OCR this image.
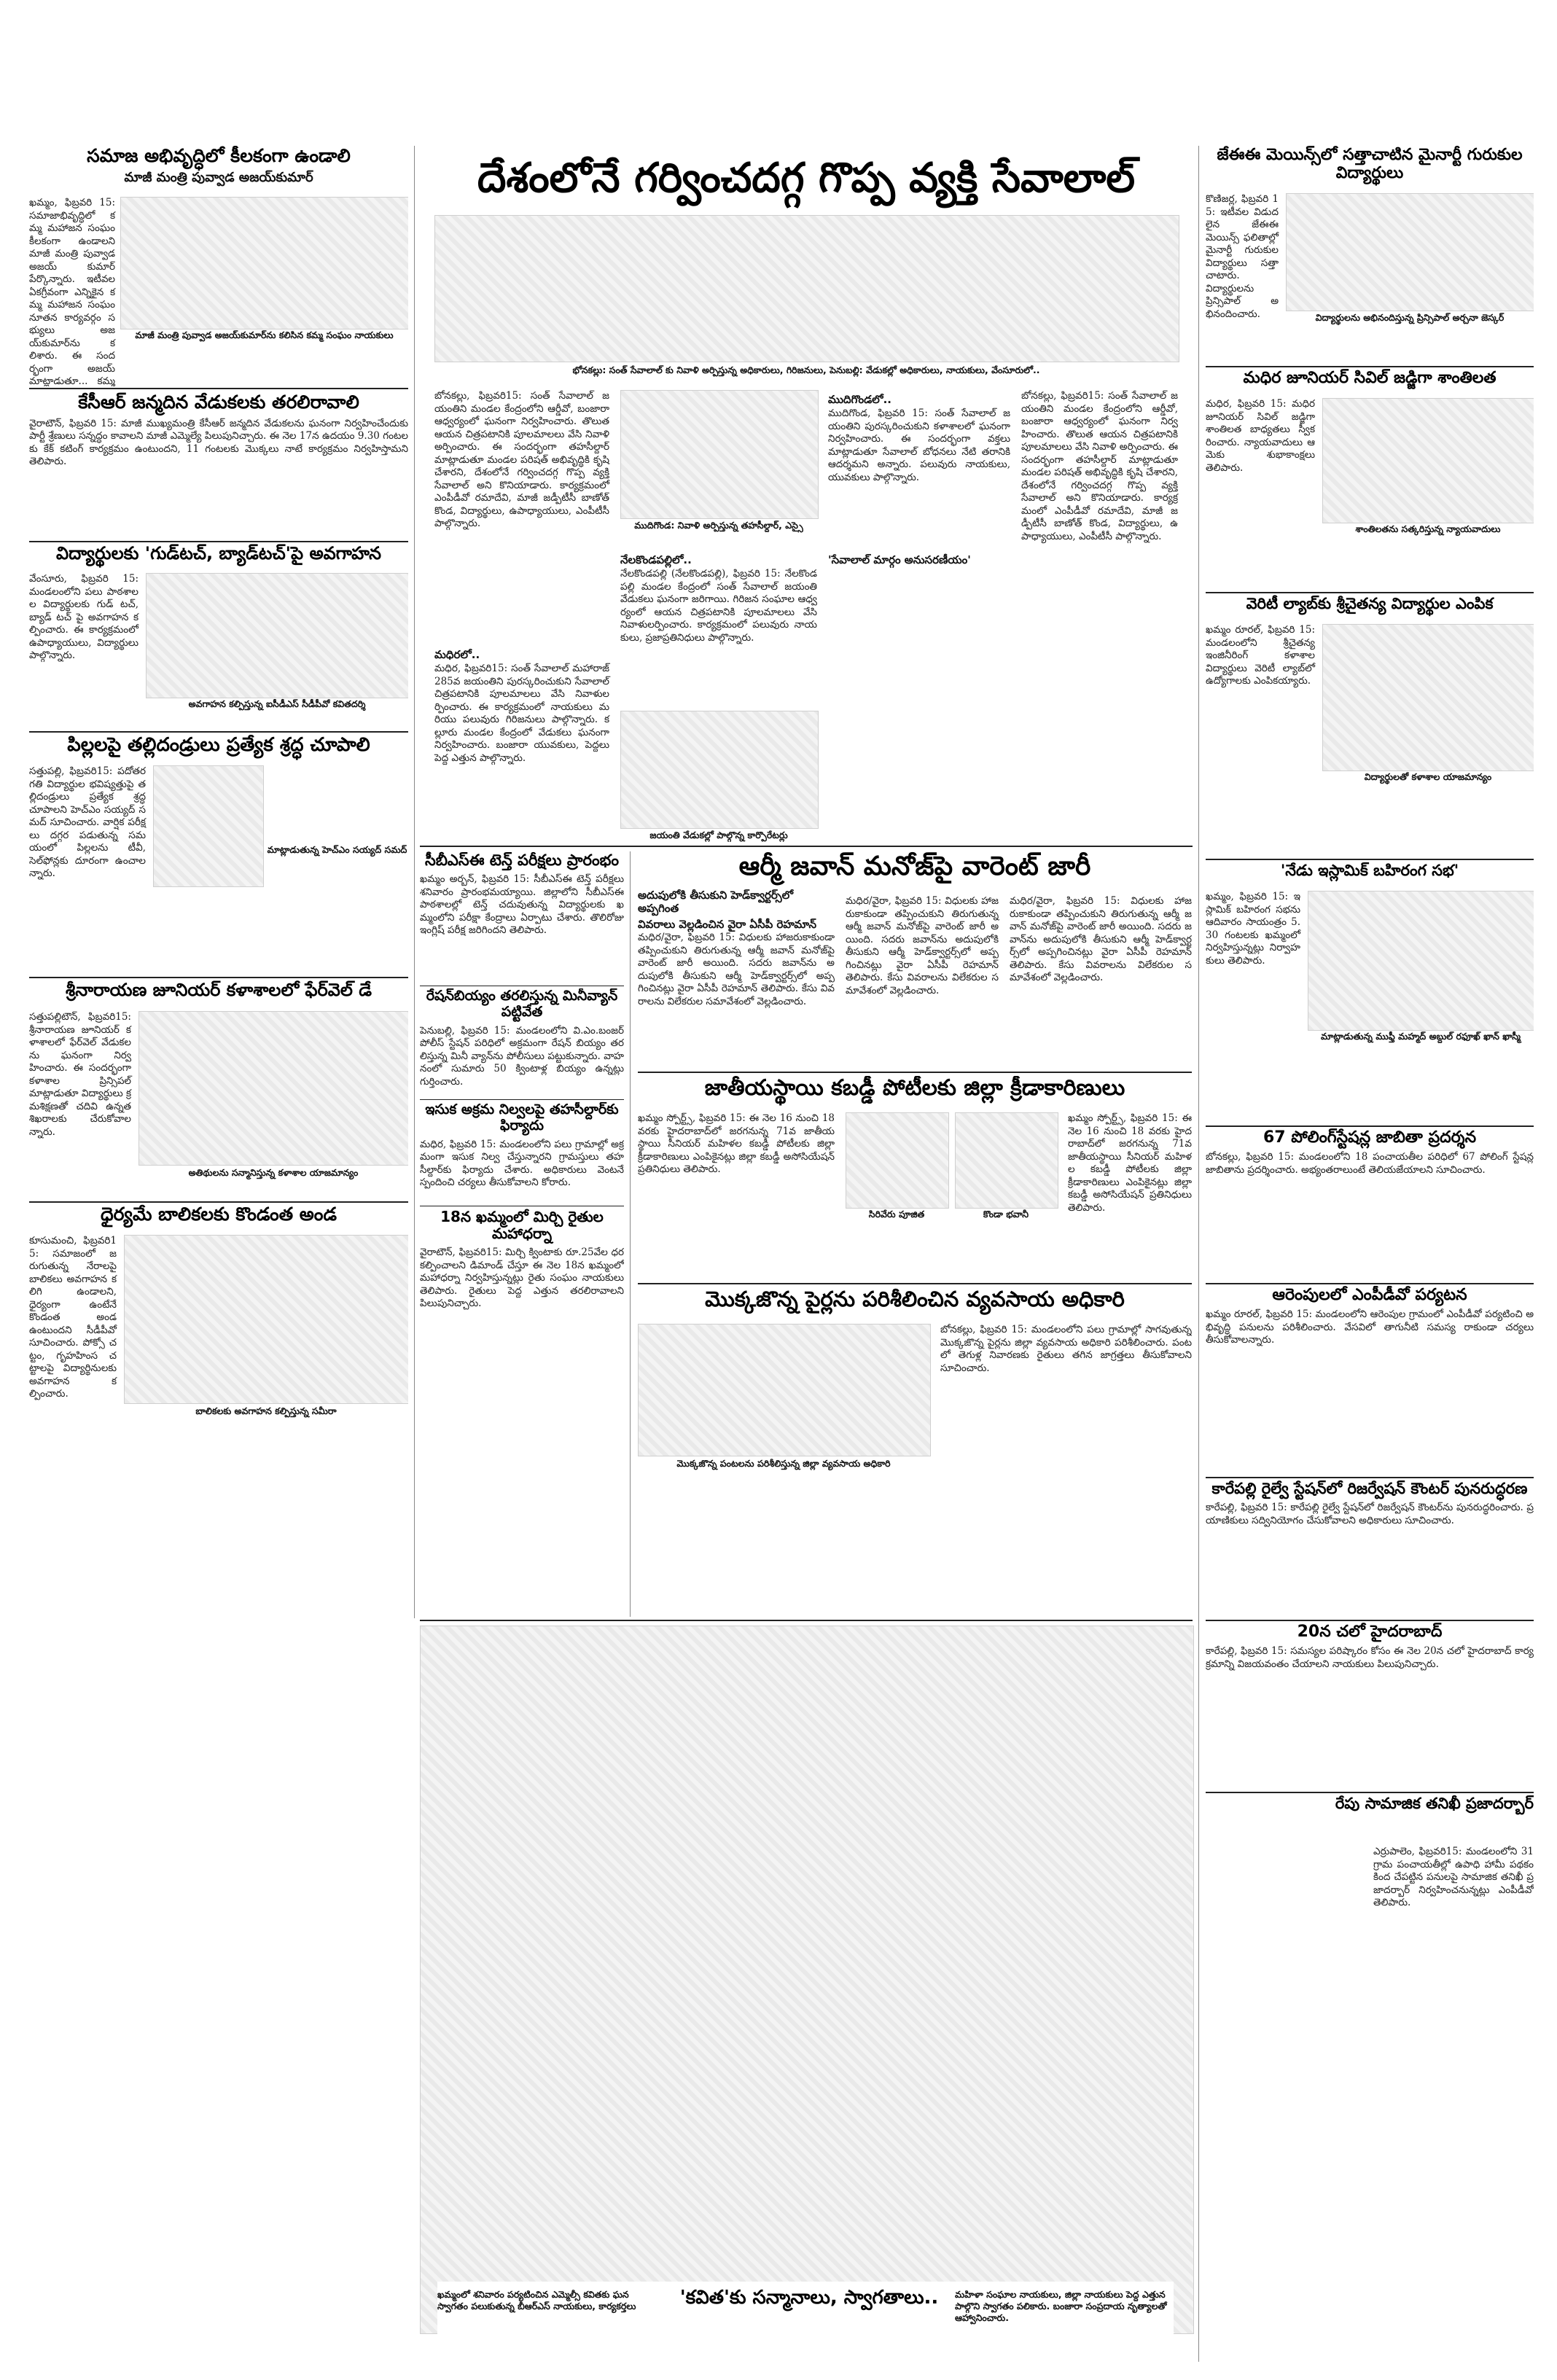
సమాజ అభివృద్ధిలో కీలకంగా ఉండాలి
మాజీ మంత్రి పువ్వాడ అజయ్‌కుమార్
మాజీ మంత్రి పువ్వాడ అజయ్‌కుమార్‌ను కలిసిన కమ్మ సంఘం నాయకులు

ఖమ్మం, ఫిబ్రవరి 15: సమాజాభివృద్ధిలో కమ్మ మహాజన సంఘం కీలకంగా ఉండాలని మాజీ మంత్రి పువ్వాడ అజయ్ కుమార్ పేర్కొన్నారు. ఇటీవల ఏకగ్రీవంగా ఎన్నికైన కమ్మ మహాజన సంఘం నూతన కార్యవర్గం సభ్యులు అజయ్‌కుమార్‌ను కలిశారు. ఈ సందర్భంగా అజయ్ మాట్లాడుతూ... కమ్మ

కేసీఆర్ జన్మదిన వేడుకలకు తరలిరావాలి

వైరాటౌన్, ఫిబ్రవరి 15: మాజీ ముఖ్యమంత్రి కేసీఆర్ జన్మదిన వేడుకలను ఘనంగా నిర్వహించేందుకు పార్టీ శ్రేణులు సన్నద్ధం కావాలని మాజీ ఎమ్మెల్యే పిలుపునిచ్చారు. ఈ నెల 17న ఉదయం 9.30 గంటలకు కేక్ కటింగ్ కార్యక్రమం ఉంటుందని, 11 గంటలకు మొక్కలు నాటే కార్యక్రమం నిర్వహిస్తామని తెలిపారు.

విద్యార్థులకు 'గుడ్‌టచ్, బ్యాడ్‌టచ్'పై అవగాహన

వేంసూరు, ఫిబ్రవరి 15: మండలంలోని పలు పాఠశాలల విద్యార్థులకు గుడ్ టచ్, బ్యాడ్ టచ్ పై అవగాహన కల్పించారు. ఈ కార్యక్రమంలో ఉపాధ్యాయులు, విద్యార్థులు పాల్గొన్నారు.

అవగాహన కల్పిస్తున్న ఐసీడీఎస్ సీడీపీవో కవితదర్శి
పిల్లలపై తల్లిదండ్రులు ప్రత్యేక శ్రద్ధ చూపాలి

సత్తుపల్లి, ఫిబ్రవరి15: పదోతరగతి విద్యార్థుల భవిష్యత్తుపై తల్లిదండ్రులు ప్రత్యేక శ్రద్ధ చూపాలని హెచ్‌ఎం సయ్యద్ సమద్ సూచించారు. వార్షిక పరీక్షలు దగ్గర పడుతున్న సమయంలో పిల్లలను టీవీ, సెల్‌ఫోన్లకు దూరంగా ఉంచాలన్నారు.

మాట్లాడుతున్న హెచ్‌ఎం సయ్యద్ సమద్
శ్రీనారాయణ జూనియర్ కళాశాలలో ఫేర్‌వెల్ డే

సత్తుపల్లిటౌన్, ఫిబ్రవరి15: శ్రీనారాయణ జూనియర్ కళాశాలలో ఫేర్‌వెల్ వేడుకలను ఘనంగా నిర్వహించారు. ఈ సందర్భంగా కళాశాల ప్రిన్సిపల్ మాట్లాడుతూ విద్యార్థులు క్రమశిక్షణతో చదివి ఉన్నత శిఖరాలకు చేరుకోవాలన్నారు.

అతిథులను సన్మానిస్తున్న కళాశాల యాజమాన్యం
ధైర్యమే బాలికలకు కొండంత అండ

కూసుమంచి, ఫిబ్రవరి15: సమాజంలో జరుగుతున్న నేరాలపై బాలికలు అవగాహన కలిగి ఉండాలని, ధైర్యంగా ఉంటేనే కొండంత అండ ఉంటుందని సీడీపీవో సూచించారు. పోక్సో చట్టం, గృహహింస చట్టాలపై విద్యార్థినులకు అవగాహన కల్పించారు.

బాలికలకు అవగాహన కల్పిస్తున్న సమీరా
దేశంలోనే గర్వించదగ్గ గొప్ప వ్యక్తి సేవాలాల్
భోనకల్లు: సంత్ సేవాలాల్ కు నివాళి అర్పిస్తున్న అధికారులు, గిరిజనులు, పెనుబల్లి: వేడుకల్లో అధికారులు, నాయకులు, వేంసూరులో..

బోనకల్లు, ఫిబ్రవరి15: సంత్ సేవాలాల్ జయంతిని మండల కేంద్రంలోని ఆర్డీవో, బంజారా ఆధ్వర్యంలో ఘనంగా నిర్వహించారు. తొలుత ఆయన చిత్రపటానికి పూలమాలలు వేసి నివాళి అర్పించారు. ఈ సందర్భంగా తహసీల్దార్ మాట్లాడుతూ మండల పరిషత్ అభివృద్ధికి కృషి చేశారని, దేశంలోనే గర్వించదగ్గ గొప్ప వ్యక్తి సేవాలాల్ అని కొనియాడారు. కార్యక్రమంలో ఎంపీడీవో రమాదేవి, మాజీ జడ్పీటీసీ బాణోత్ కొండ, విద్యార్థులు, ఉపాధ్యాయులు, ఎంపీటీసీ పాల్గొన్నారు.

మధిరలో..

మధిర, ఫిబ్రవరి15: సంత్ సేవాలాల్ మహారాజ్ 285వ జయంతిని పురస్కరించుకుని సేవాలాల్ చిత్రపటానికి పూలమాలలు వేసి నివాళులర్పించారు. ఈ కార్యక్రమంలో నాయకులు మరియు పలువురు గిరిజనులు పాల్గొన్నారు. కల్లూరు మండల కేంద్రంలో వేడుకలు ఘనంగా నిర్వహించారు. బంజారా యువకులు, పెద్దలు పెద్ద ఎత్తున పాల్గొన్నారు.

ముదిగొండ: నివాళి అర్పిస్తున్న తహసీల్దార్, ఎస్సై
నేలకొండపల్లిలో..

నేలకొండపల్లి (నేలకొండపల్లి), ఫిబ్రవరి 15: నేలకొండపల్లి మండల కేంద్రంలో సంత్ సేవాలాల్ జయంతి వేడుకలు ఘనంగా జరిగాయి. గిరిజన సంఘాల ఆధ్వర్యంలో ఆయన చిత్రపటానికి పూలమాలలు వేసి నివాళులర్పించారు. కార్యక్రమంలో పలువురు నాయకులు, ప్రజాప్రతినిధులు పాల్గొన్నారు.

జయంతి వేడుకల్లో పాల్గొన్న కార్పొరేటర్లు
ముదిగొండలో..

ముదిగొండ, ఫిబ్రవరి 15: సంత్ సేవాలాల్ జయంతిని పురస్కరించుకుని కళాశాలలో ఘనంగా నిర్వహించారు. ఈ సందర్భంగా వక్తలు మాట్లాడుతూ సేవాలాల్ బోధనలు నేటి తరానికి ఆదర్శమని అన్నారు. పలువురు నాయకులు, యువకులు పాల్గొన్నారు.

'సేవాలాల్ మార్గం అనుసరణీయం'

బోనకల్లు, ఫిబ్రవరి15: సంత్ సేవాలాల్ జయంతిని మండల కేంద్రంలోని ఆర్డీవో, బంజారా ఆధ్వర్యంలో ఘనంగా నిర్వహించారు. తొలుత ఆయన చిత్రపటానికి పూలమాలలు వేసి నివాళి అర్పించారు. ఈ సందర్భంగా తహసీల్దార్ మాట్లాడుతూ మండల పరిషత్ అభివృద్ధికి కృషి చేశారని, దేశంలోనే గర్వించదగ్గ గొప్ప వ్యక్తి సేవాలాల్ అని కొనియాడారు. కార్యక్రమంలో ఎంపీడీవో రమాదేవి, మాజీ జడ్పీటీసీ బాణోత్ కొండ, విద్యార్థులు, ఉపాధ్యాయులు, ఎంపీటీసీ పాల్గొన్నారు.

సీబీఎస్ఈ టెన్త్ పరీక్షలు ప్రారంభం

ఖమ్మం అర్బన్, ఫిబ్రవరి 15: సీబీఎస్ఈ టెన్త్ పరీక్షలు శనివారం ప్రారంభమయ్యాయి. జిల్లాలోని సీబీఎస్ఈ పాఠశాలల్లో టెన్త్ చదువుతున్న విద్యార్థులకు ఖమ్మంలోని పరీక్షా కేంద్రాలు ఏర్పాటు చేశారు. తొలిరోజు ఇంగ్లిష్ పరీక్ష జరిగిందని తెలిపారు.

రేషన్‌బియ్యం తరలిస్తున్న మినీవ్యాన్ పట్టివేత

పెనుబల్లి, ఫిబ్రవరి 15: మండలంలోని వి.ఎం.బంజర్ పోలీస్ స్టేషన్ పరిధిలో అక్రమంగా రేషన్ బియ్యం తరలిస్తున్న మినీ వ్యాన్‌ను పోలీసులు పట్టుకున్నారు. వాహనంలో సుమారు 50 క్వింటాళ్ల బియ్యం ఉన్నట్లు గుర్తించారు.

ఇసుక అక్రమ నిల్వలపై తహసీల్దార్‌కు ఫిర్యాదు

మధిర, ఫిబ్రవరి 15: మండలంలోని పలు గ్రామాల్లో అక్రమంగా ఇసుక నిల్వ చేస్తున్నారని గ్రామస్తులు తహసీల్దార్‌కు ఫిర్యాదు చేశారు. అధికారులు వెంటనే స్పందించి చర్యలు తీసుకోవాలని కోరారు.

18న ఖమ్మంలో మిర్చి రైతుల మహాధర్నా

వైరాటౌన్, ఫిబ్రవరి15: మిర్చి క్వింటాకు రూ.25వేల ధర కల్పించాలని డిమాండ్ చేస్తూ ఈ నెల 18న ఖమ్మంలో మహాధర్నా నిర్వహిస్తున్నట్లు రైతు సంఘం నాయకులు తెలిపారు. రైతులు పెద్ద ఎత్తున తరలిరావాలని పిలుపునిచ్చారు.

ఆర్మీ జవాన్ మనోజ్‌పై వారెంట్ జారీ
అదుపులోకి తీసుకుని హెడ్‌క్వార్టర్స్‌లో అప్పగింత
వివరాలు వెల్లడించిన వైరా ఏసీపీ రెహమాన్

మధిర/వైరా, ఫిబ్రవరి 15: విధులకు హాజరుకాకుండా తప్పించుకుని తిరుగుతున్న ఆర్మీ జవాన్ మనోజ్‌పై వారెంట్ జారీ అయింది. సదరు జవాన్‌ను అదుపులోకి తీసుకుని ఆర్మీ హెడ్‌క్వార్టర్స్‌లో అప్పగించినట్లు వైరా ఏసీపీ రెహమాన్ తెలిపారు. కేసు వివరాలను విలేకరుల సమావేశంలో వెల్లడించారు.

మధిర/వైరా, ఫిబ్రవరి 15: విధులకు హాజరుకాకుండా తప్పించుకుని తిరుగుతున్న ఆర్మీ జవాన్ మనోజ్‌పై వారెంట్ జారీ అయింది. సదరు జవాన్‌ను అదుపులోకి తీసుకుని ఆర్మీ హెడ్‌క్వార్టర్స్‌లో అప్పగించినట్లు వైరా ఏసీపీ రెహమాన్ తెలిపారు. కేసు వివరాలను విలేకరుల సమావేశంలో వెల్లడించారు.

మధిర/వైరా, ఫిబ్రవరి 15: విధులకు హాజరుకాకుండా తప్పించుకుని తిరుగుతున్న ఆర్మీ జవాన్ మనోజ్‌పై వారెంట్ జారీ అయింది. సదరు జవాన్‌ను అదుపులోకి తీసుకుని ఆర్మీ హెడ్‌క్వార్టర్స్‌లో అప్పగించినట్లు వైరా ఏసీపీ రెహమాన్ తెలిపారు. కేసు వివరాలను విలేకరుల సమావేశంలో వెల్లడించారు.

జాతీయస్థాయి కబడ్డీ పోటీలకు జిల్లా క్రీడాకారిణులు

ఖమ్మం స్పోర్ట్స్, ఫిబ్రవరి 15: ఈ నెల 16 నుంచి 18 వరకు హైదరాబాద్‌లో జరగనున్న 71వ జాతీయస్థాయి సీనియర్ మహిళల కబడ్డీ పోటీలకు జిల్లా క్రీడాకారిణులు ఎంపికైనట్లు జిల్లా కబడ్డీ అసోసియేషన్ ప్రతినిధులు తెలిపారు.

సిరివేరు పూజిత	కొండా భవానీ

ఖమ్మం స్పోర్ట్స్, ఫిబ్రవరి 15: ఈ నెల 16 నుంచి 18 వరకు హైదరాబాద్‌లో జరగనున్న 71వ జాతీయస్థాయి సీనియర్ మహిళల కబడ్డీ పోటీలకు జిల్లా క్రీడాకారిణులు ఎంపికైనట్లు జిల్లా కబడ్డీ అసోసియేషన్ ప్రతినిధులు తెలిపారు.

మొక్కజొన్న పైర్లను పరిశీలించిన వ్యవసాయ అధికారి
మొక్కజొన్న పంటలను పరిశీలిస్తున్న జిల్లా వ్యవసాయ అధికారి

బోనకల్లు, ఫిబ్రవరి 15: మండలంలోని పలు గ్రామాల్లో సాగవుతున్న మొక్కజొన్న పైర్లను జిల్లా వ్యవసాయ అధికారి పరిశీలించారు. పంటలో తెగుళ్ల నివారణకు రైతులు తగిన జాగ్రత్తలు తీసుకోవాలని సూచించారు.

ఖమ్మంలో శనివారం పర్యటించిన ఎమ్మెల్సీ కవితకు ఘన స్వాగతం పలుకుతున్న బీఆర్ఎస్ నాయకులు, కార్యకర్తలు	'కవిత'కు సన్మానాలు, స్వాగతాలు..	మహిళా సంఘాల నాయకులు, జిల్లా నాయకులు పెద్ద ఎత్తున పాల్గొని స్వాగతం పలికారు. బంజారా సంప్రదాయ నృత్యాలతో ఆహ్వానించారు.
జేఈఈ మెయిన్స్‌లో సత్తాచాటిన మైనార్టీ గురుకుల విద్యార్థులు

కొణిజర్ల, ఫిబ్రవరి 15: ఇటీవల విడుదలైన జేఈఈ మెయిన్స్ ఫలితాల్లో మైనార్టీ గురుకుల విద్యార్థులు సత్తా చాటారు. విద్యార్థులను ప్రిన్సిపాల్ అభినందించారు.	విద్యార్థులను అభినందిస్తున్న ప్రిన్సిపాల్ అర్చనా జెస్కర్
మధిర జూనియర్ సివిల్ జడ్జిగా శాంతిలత

మధిర, ఫిబ్రవరి 15: మధిర జూనియర్ సివిల్ జడ్జిగా శాంతిలత బాధ్యతలు స్వీకరించారు. న్యాయవాదులు ఆమెకు శుభాకాంక్షలు తెలిపారు.

శాంతిలతను సత్కరిస్తున్న న్యాయవాదులు
వెరిటీ ల్యాబ్‌కు శ్రీచైతన్య విద్యార్థుల ఎంపిక

ఖమ్మం రూరల్, ఫిబ్రవరి 15: మండలంలోని శ్రీచైతన్య ఇంజినీరింగ్ కళాశాల విద్యార్థులు వెరిటీ ల్యాబ్‌లో ఉద్యోగాలకు ఎంపికయ్యారు.

విద్యార్థులతో కళాశాల యాజమాన్యం
'నేడు ఇస్లామిక్ బహిరంగ సభ'

ఖమ్మం, ఫిబ్రవరి 15: ఇస్లామిక్ బహిరంగ సభను ఆదివారం సాయంత్రం 5.30 గంటలకు ఖమ్మంలో నిర్వహిస్తున్నట్లు నిర్వాహకులు తెలిపారు.

మాట్లాడుతున్న ముఫ్తీ మహ్మద్ అబ్దుల్ రఫూఖ్ ఖాన్ ఖాస్మీ
67 పోలింగ్‌స్టేషన్ల జాబితా ప్రదర్శన

బోనకల్లు, ఫిబ్రవరి 15: మండలంలోని 18 పంచాయతీల పరిధిలో 67 పోలింగ్ స్టేషన్ల జాబితాను ప్రదర్శించారు. అభ్యంతరాలుంటే తెలియజేయాలని సూచించారు.

ఆరెంపులలో ఎంపీడీవో పర్యటన

ఖమ్మం రూరల్, ఫిబ్రవరి 15: మండలంలోని ఆరెంపుల గ్రామంలో ఎంపీడీవో పర్యటించి అభివృద్ధి పనులను పరిశీలించారు. వేసవిలో తాగునీటి సమస్య రాకుండా చర్యలు తీసుకోవాలన్నారు.

కారేపల్లి రైల్వే స్టేషన్‌లో రిజర్వేషన్ కౌంటర్ పునరుద్ధరణ

కారేపల్లి, ఫిబ్రవరి 15: కారేపల్లి రైల్వే స్టేషన్‌లో రిజర్వేషన్ కౌంటర్‌ను పునరుద్ధరించారు. ప్రయాణికులు సద్వినియోగం చేసుకోవాలని అధికారులు సూచించారు.

20న చలో హైదరాబాద్

కారేపల్లి, ఫిబ్రవరి 15: సమస్యల పరిష్కారం కోసం ఈ నెల 20న చలో హైదరాబాద్ కార్యక్రమాన్ని విజయవంతం చేయాలని నాయకులు పిలుపునిచ్చారు.

రేపు సామాజిక తనిఖీ ప్రజాదర్బార్

ఎర్రుపాలెం, ఫిబ్రవరి15: మండలంలోని 31 గ్రామ పంచాయతీల్లో ఉపాధి హామీ పథకం కింద చేపట్టిన పనులపై సామాజిక తనిఖీ ప్రజాదర్బార్ నిర్వహించనున్నట్లు ఎంపీడీవో తెలిపారు.
